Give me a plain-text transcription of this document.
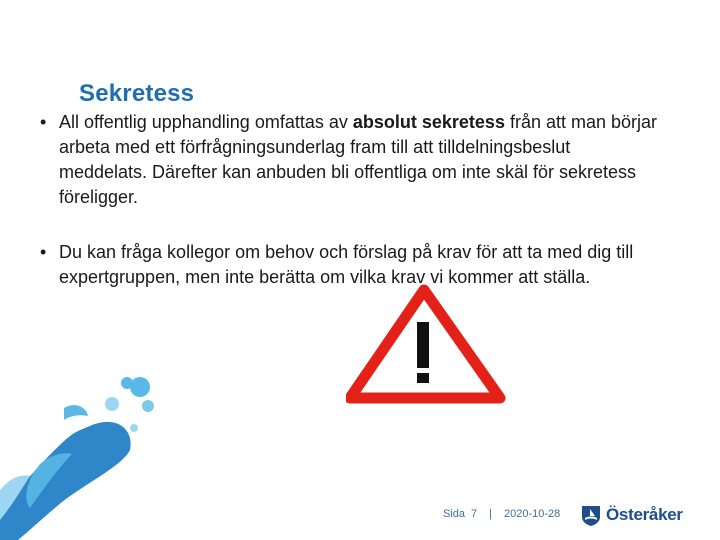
Sekretess
• All offentlig upphandling omfattas av absolut sekretess från att man börjar arbeta med ett förfrågningsunderlag fram till att tilldelningsbeslut meddelats. Därefter kan anbuden bli offentliga om inte skäl för sekretess föreligger.
• Du kan fråga kollegor om behov och förslag på krav för att ta med dig till expertgruppen, men inte berätta om vilka krav vi kommer att ställa.
Sida 7	|	2020-10-28	Österåker
